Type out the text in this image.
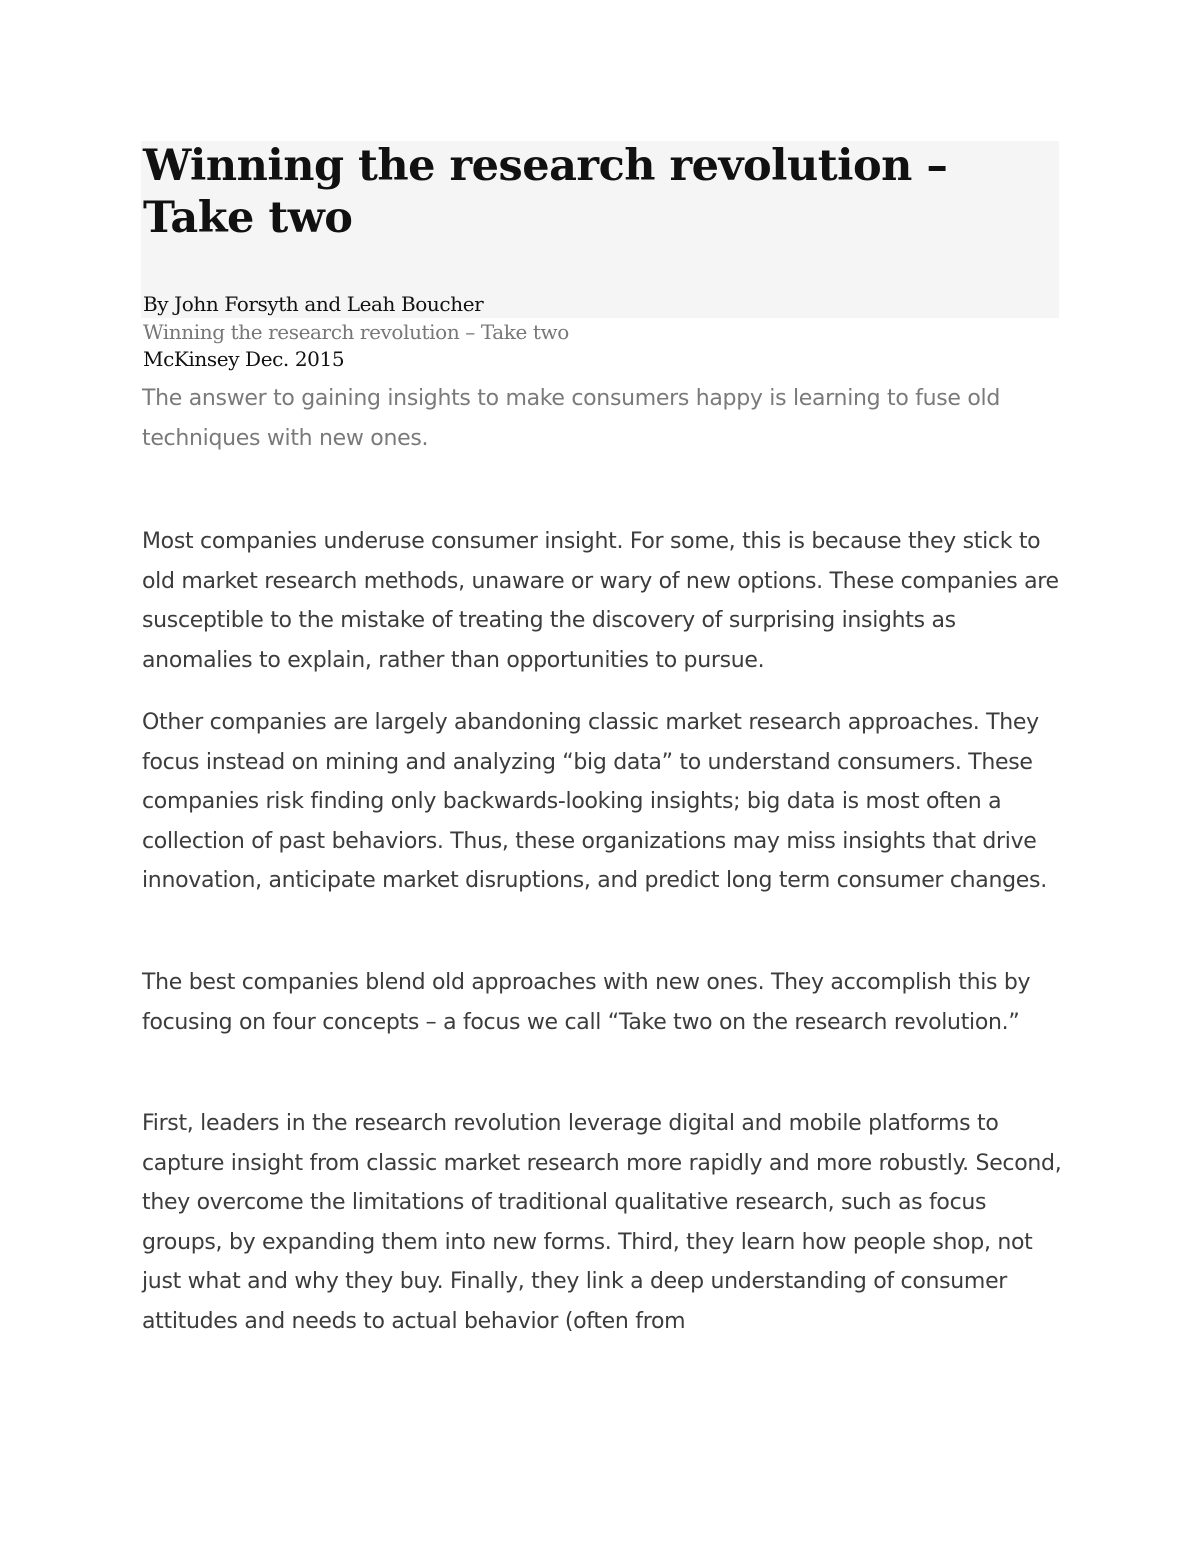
Winning the research revolution – Take two

By John Forsyth and Leah Boucher

Winning the research revolution – Take two

McKinsey Dec. 2015

The answer to gaining insights to make consumers happy is learning to fuse old techniques with new ones.

Most companies underuse consumer insight. For some, this is because they stick to old market research methods, unaware or wary of new options. These companies are susceptible to the mistake of treating the discovery of surprising insights as anomalies to explain, rather than opportunities to pursue.

Other companies are largely abandoning classic market research approaches. They focus instead on mining and analyzing “big data” to understand consumers. These companies risk finding only backwards-looking insights; big data is most often a collection of past behaviors. Thus, these organizations may miss insights that drive innovation, anticipate market disruptions, and predict long term consumer changes.

The best companies blend old approaches with new ones. They accomplish this by focusing on four concepts – a focus we call “Take two on the research revolution.”

First, leaders in the research revolution leverage digital and mobile platforms to capture insight from classic market research more rapidly and more robustly. Second, they overcome the limitations of traditional qualitative research, such as focus groups, by expanding them into new forms. Third, they learn how people shop, not just what and why they buy. Finally, they link a deep understanding of consumer attitudes and needs to actual behavior (often from
